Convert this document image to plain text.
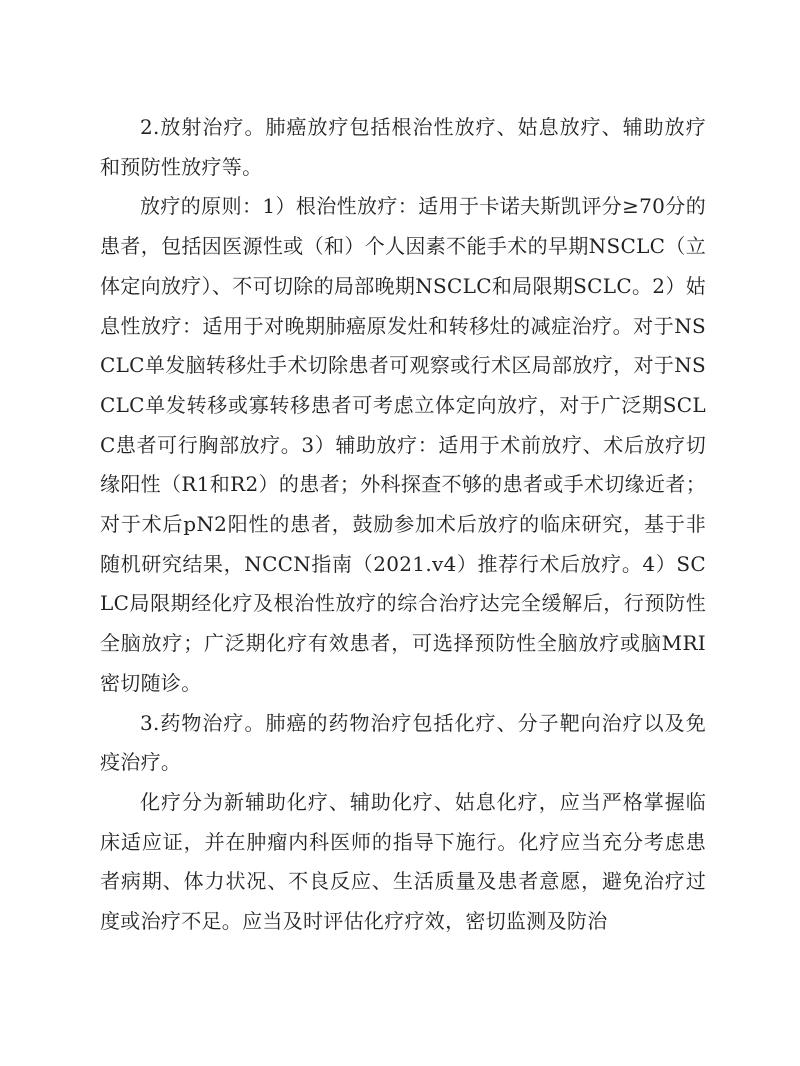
2.放射治疗。肺癌放疗包括根治性放疗、姑息放疗、辅助放疗和预防性放疗等。

放疗的原则：1）根治性放疗：适用于卡诺夫斯凯评分≥70分的患者，包括因医源性或（和）个人因素不能手术的早期NSCLC（立体定向放疗）、不可切除的局部晚期NSCLC和局限期SCLC。2）姑息性放疗：适用于对晚期肺癌原发灶和转移灶的减症治疗。对于NSCLC单发脑转移灶手术切除患者可观察或行术区局部放疗，对于NSCLC单发转移或寡转移患者可考虑立体定向放疗，对于广泛期SCLC患者可行胸部放疗。3）辅助放疗：适用于术前放疗、术后放疗切缘阳性（R1和R2）的患者；外科探查不够的患者或手术切缘近者；对于术后pN2阳性的患者，鼓励参加术后放疗的临床研究，基于非随机研究结果，NCCN指南（2021.v4）推荐行术后放疗。4）SCLC局限期经化疗及根治性放疗的综合治疗达完全缓解后，行预防性全脑放疗；广泛期化疗有效患者，可选择预防性全脑放疗或脑MRI密切随诊。

3.药物治疗。肺癌的药物治疗包括化疗、分子靶向治疗以及免疫治疗。

化疗分为新辅助化疗、辅助化疗、姑息化疗，应当严格掌握临床适应证，并在肿瘤内科医师的指导下施行。化疗应当充分考虑患者病期、体力状况、不良反应、生活质量及患者意愿，避免治疗过度或治疗不足。应当及时评估化疗疗效，密切监测及防治
